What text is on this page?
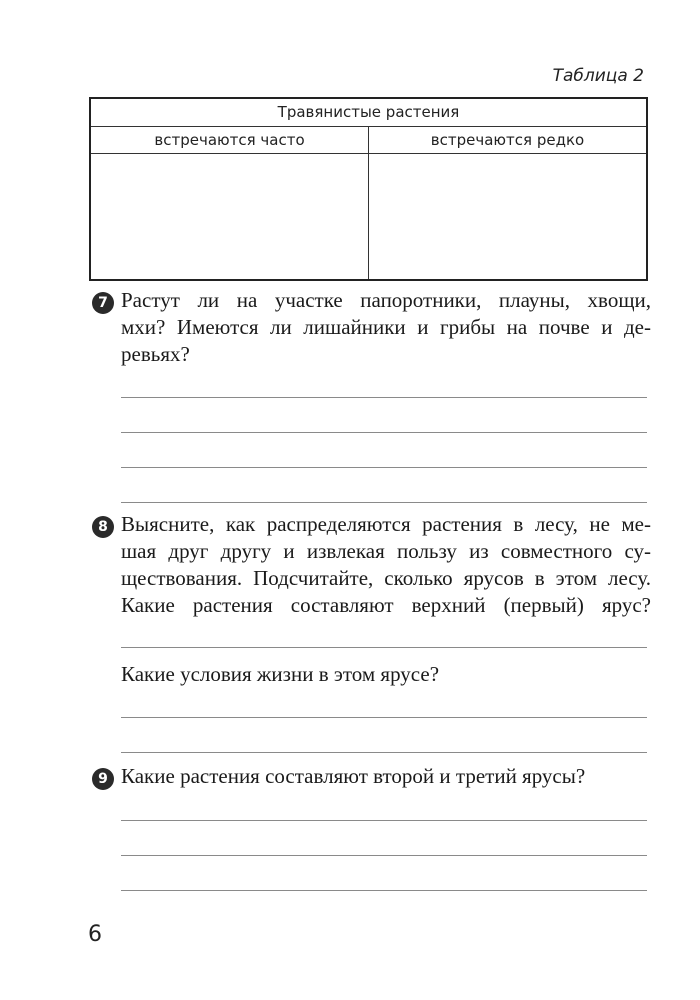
Таблица 2
Травянистые растения
встречаются часто	встречаются редко
7 Растут ли на участке папоротники, плауны, хвощи,
мхи? Имеются ли лишайники и грибы на почве и де-
ревьях?
8 Выясните, как распределяются растения в лесу, не ме-
шая друг другу и извлекая пользу из совместного су-
ществования. Подсчитайте, сколько ярусов в этом лесу.
Какие растения составляют верхний (первый) ярус?
Какие условия жизни в этом ярусе?
9 Какие растения составляют второй и третий ярусы?
6
